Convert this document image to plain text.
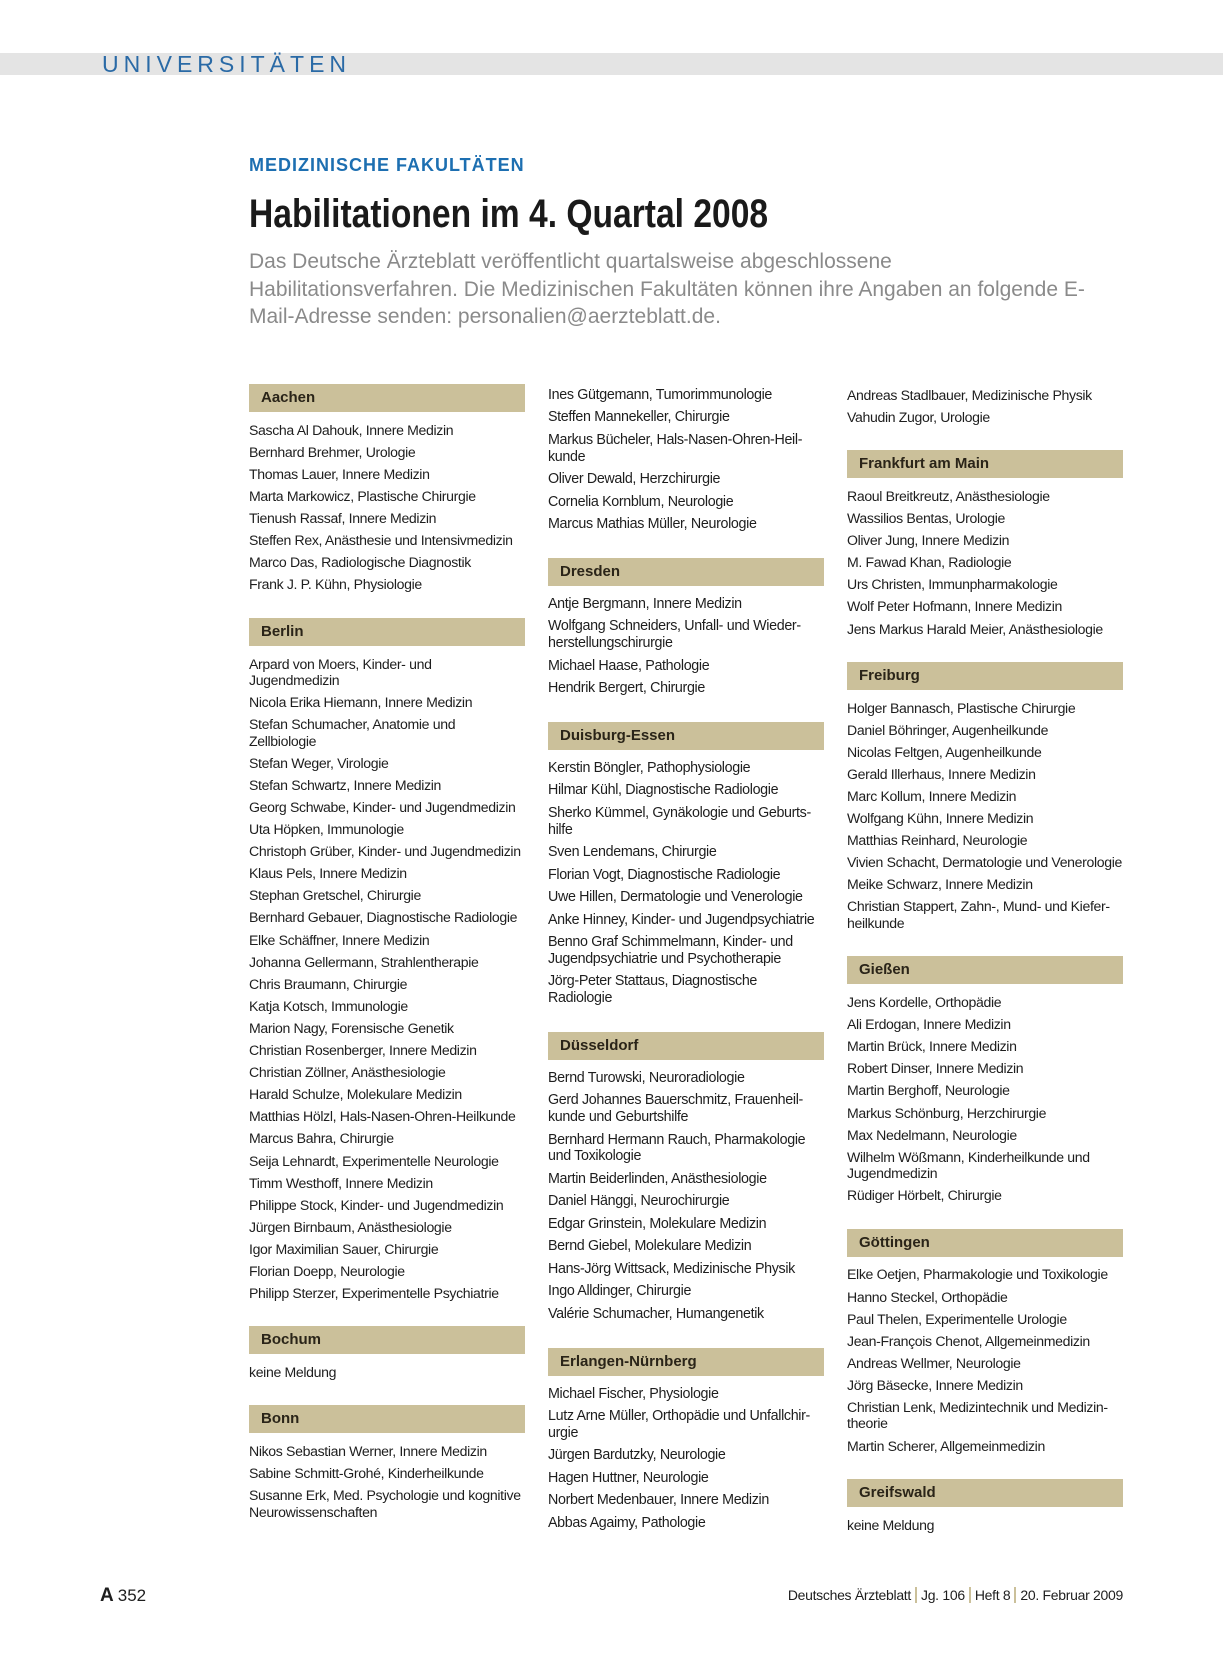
UNIVERSITÄTEN
MEDIZINISCHE FAKULTÄTEN
Habilitationen im 4. Quartal 2008
Das Deutsche Ärzteblatt veröffentlicht quartalsweise abgeschlossene Habilitationsverfahren. Die Medizinischen Fakultäten können ihre Angaben an folgende E-Mail-Adresse senden: personalien@aerzteblatt.de.
Aachen
Sascha Al Dahouk, Innere Medizin
Bernhard Brehmer, Urologie
Thomas Lauer, Innere Medizin
Marta Markowicz, Plastische Chirurgie
Tienush Rassaf, Innere Medizin
Steffen Rex, Anästhesie und Intensivmedizin
Marco Das, Radiologische Diagnostik
Frank J. P. Kühn, Physiologie
Berlin
Arpard von Moers, Kinder- und Jugendmedizin
Nicola Erika Hiemann, Innere Medizin
Stefan Schumacher, Anatomie und Zellbiologie
Stefan Weger, Virologie
Stefan Schwartz, Innere Medizin
Georg Schwabe, Kinder- und Jugendmedizin
Uta Höpken, Immunologie
Christoph Grüber, Kinder- und Jugendmedizin
Klaus Pels, Innere Medizin
Stephan Gretschel, Chirurgie
Bernhard Gebauer, Diagnostische Radiologie
Elke Schäffner, Innere Medizin
Johanna Gellermann, Strahlentherapie
Chris Braumann, Chirurgie
Katja Kotsch, Immunologie
Marion Nagy, Forensische Genetik
Christian Rosenberger, Innere Medizin
Christian Zöllner, Anästhesiologie
Harald Schulze, Molekulare Medizin
Matthias Hölzl, Hals-Nasen-Ohren-Heilkunde
Marcus Bahra, Chirurgie
Seija Lehnardt, Experimentelle Neurologie
Timm Westhoff, Innere Medizin
Philippe Stock, Kinder- und Jugendmedizin
Jürgen Birnbaum, Anästhesiologie
Igor Maximilian Sauer, Chirurgie
Florian Doepp, Neurologie
Philipp Sterzer, Experimentelle Psychiatrie
Bochum
keine Meldung
Bonn
Nikos Sebastian Werner, Innere Medizin
Sabine Schmitt-Grohé, Kinderheilkunde
Susanne Erk, Med. Psychologie und kognitive Neurowissenschaften
Ines Gütgemann, Tumorimmunologie
Steffen Mannekeller, Chirurgie
Markus Bücheler, Hals-Nasen-Ohren-Heilkunde
Oliver Dewald, Herzchirurgie
Cornelia Kornblum, Neurologie
Marcus Mathias Müller, Neurologie
Dresden
Antje Bergmann, Innere Medizin
Wolfgang Schneiders, Unfall- und Wiederherstellungschirurgie
Michael Haase, Pathologie
Hendrik Bergert, Chirurgie
Duisburg-Essen
Kerstin Böngler, Pathophysiologie
Hilmar Kühl, Diagnostische Radiologie
Sherko Kümmel, Gynäkologie und Geburtshilfe
Sven Lendemans, Chirurgie
Florian Vogt, Diagnostische Radiologie
Uwe Hillen, Dermatologie und Venerologie
Anke Hinney, Kinder- und Jugendpsychiatrie
Benno Graf Schimmelmann, Kinder- und Jugendpsychiatrie und Psychotherapie
Jörg-Peter Stattaus, Diagnostische Radiologie
Düsseldorf
Bernd Turowski, Neuroradiologie
Gerd Johannes Bauerschmitz, Frauenheilkunde und Geburtshilfe
Bernhard Hermann Rauch, Pharmakologie und Toxikologie
Martin Beiderlinden, Anästhesiologie
Daniel Hänggi, Neurochirurgie
Edgar Grinstein, Molekulare Medizin
Bernd Giebel, Molekulare Medizin
Hans-Jörg Wittsack, Medizinische Physik
Ingo Alldinger, Chirurgie
Valérie Schumacher, Humangenetik
Erlangen-Nürnberg
Michael Fischer, Physiologie
Lutz Arne Müller, Orthopädie und Unfallchirurgie
Jürgen Bardutzky, Neurologie
Hagen Huttner, Neurologie
Norbert Medenbauer, Innere Medizin
Abbas Agaimy, Pathologie
Andreas Stadlbauer, Medizinische Physik
Vahudin Zugor, Urologie
Frankfurt am Main
Raoul Breitkreutz, Anästhesiologie
Wassilios Bentas, Urologie
Oliver Jung, Innere Medizin
M. Fawad Khan, Radiologie
Urs Christen, Immunpharmakologie
Wolf Peter Hofmann, Innere Medizin
Jens Markus Harald Meier, Anästhesiologie
Freiburg
Holger Bannasch, Plastische Chirurgie
Daniel Böhringer, Augenheilkunde
Nicolas Feltgen, Augenheilkunde
Gerald Illerhaus, Innere Medizin
Marc Kollum, Innere Medizin
Wolfgang Kühn, Innere Medizin
Matthias Reinhard, Neurologie
Vivien Schacht, Dermatologie und Venerologie
Meike Schwarz, Innere Medizin
Christian Stappert, Zahn-, Mund- und Kieferheilkunde
Gießen
Jens Kordelle, Orthopädie
Ali Erdogan, Innere Medizin
Martin Brück, Innere Medizin
Robert Dinser, Innere Medizin
Martin Berghoff, Neurologie
Markus Schönburg, Herzchirurgie
Max Nedelmann, Neurologie
Wilhelm Wößmann, Kinderheilkunde und Jugendmedizin
Rüdiger Hörbelt, Chirurgie
Göttingen
Elke Oetjen, Pharmakologie und Toxikologie
Hanno Steckel, Orthopädie
Paul Thelen, Experimentelle Urologie
Jean-François Chenot, Allgemeinmedizin
Andreas Wellmer, Neurologie
Jörg Bäsecke, Innere Medizin
Christian Lenk, Medizintechnik und Medizintheorie
Martin Scherer, Allgemeinmedizin
Greifswald
keine Meldung
A 352	Deutsches Ärzteblatt Jg. 106 Heft 8 20. Februar 2009
